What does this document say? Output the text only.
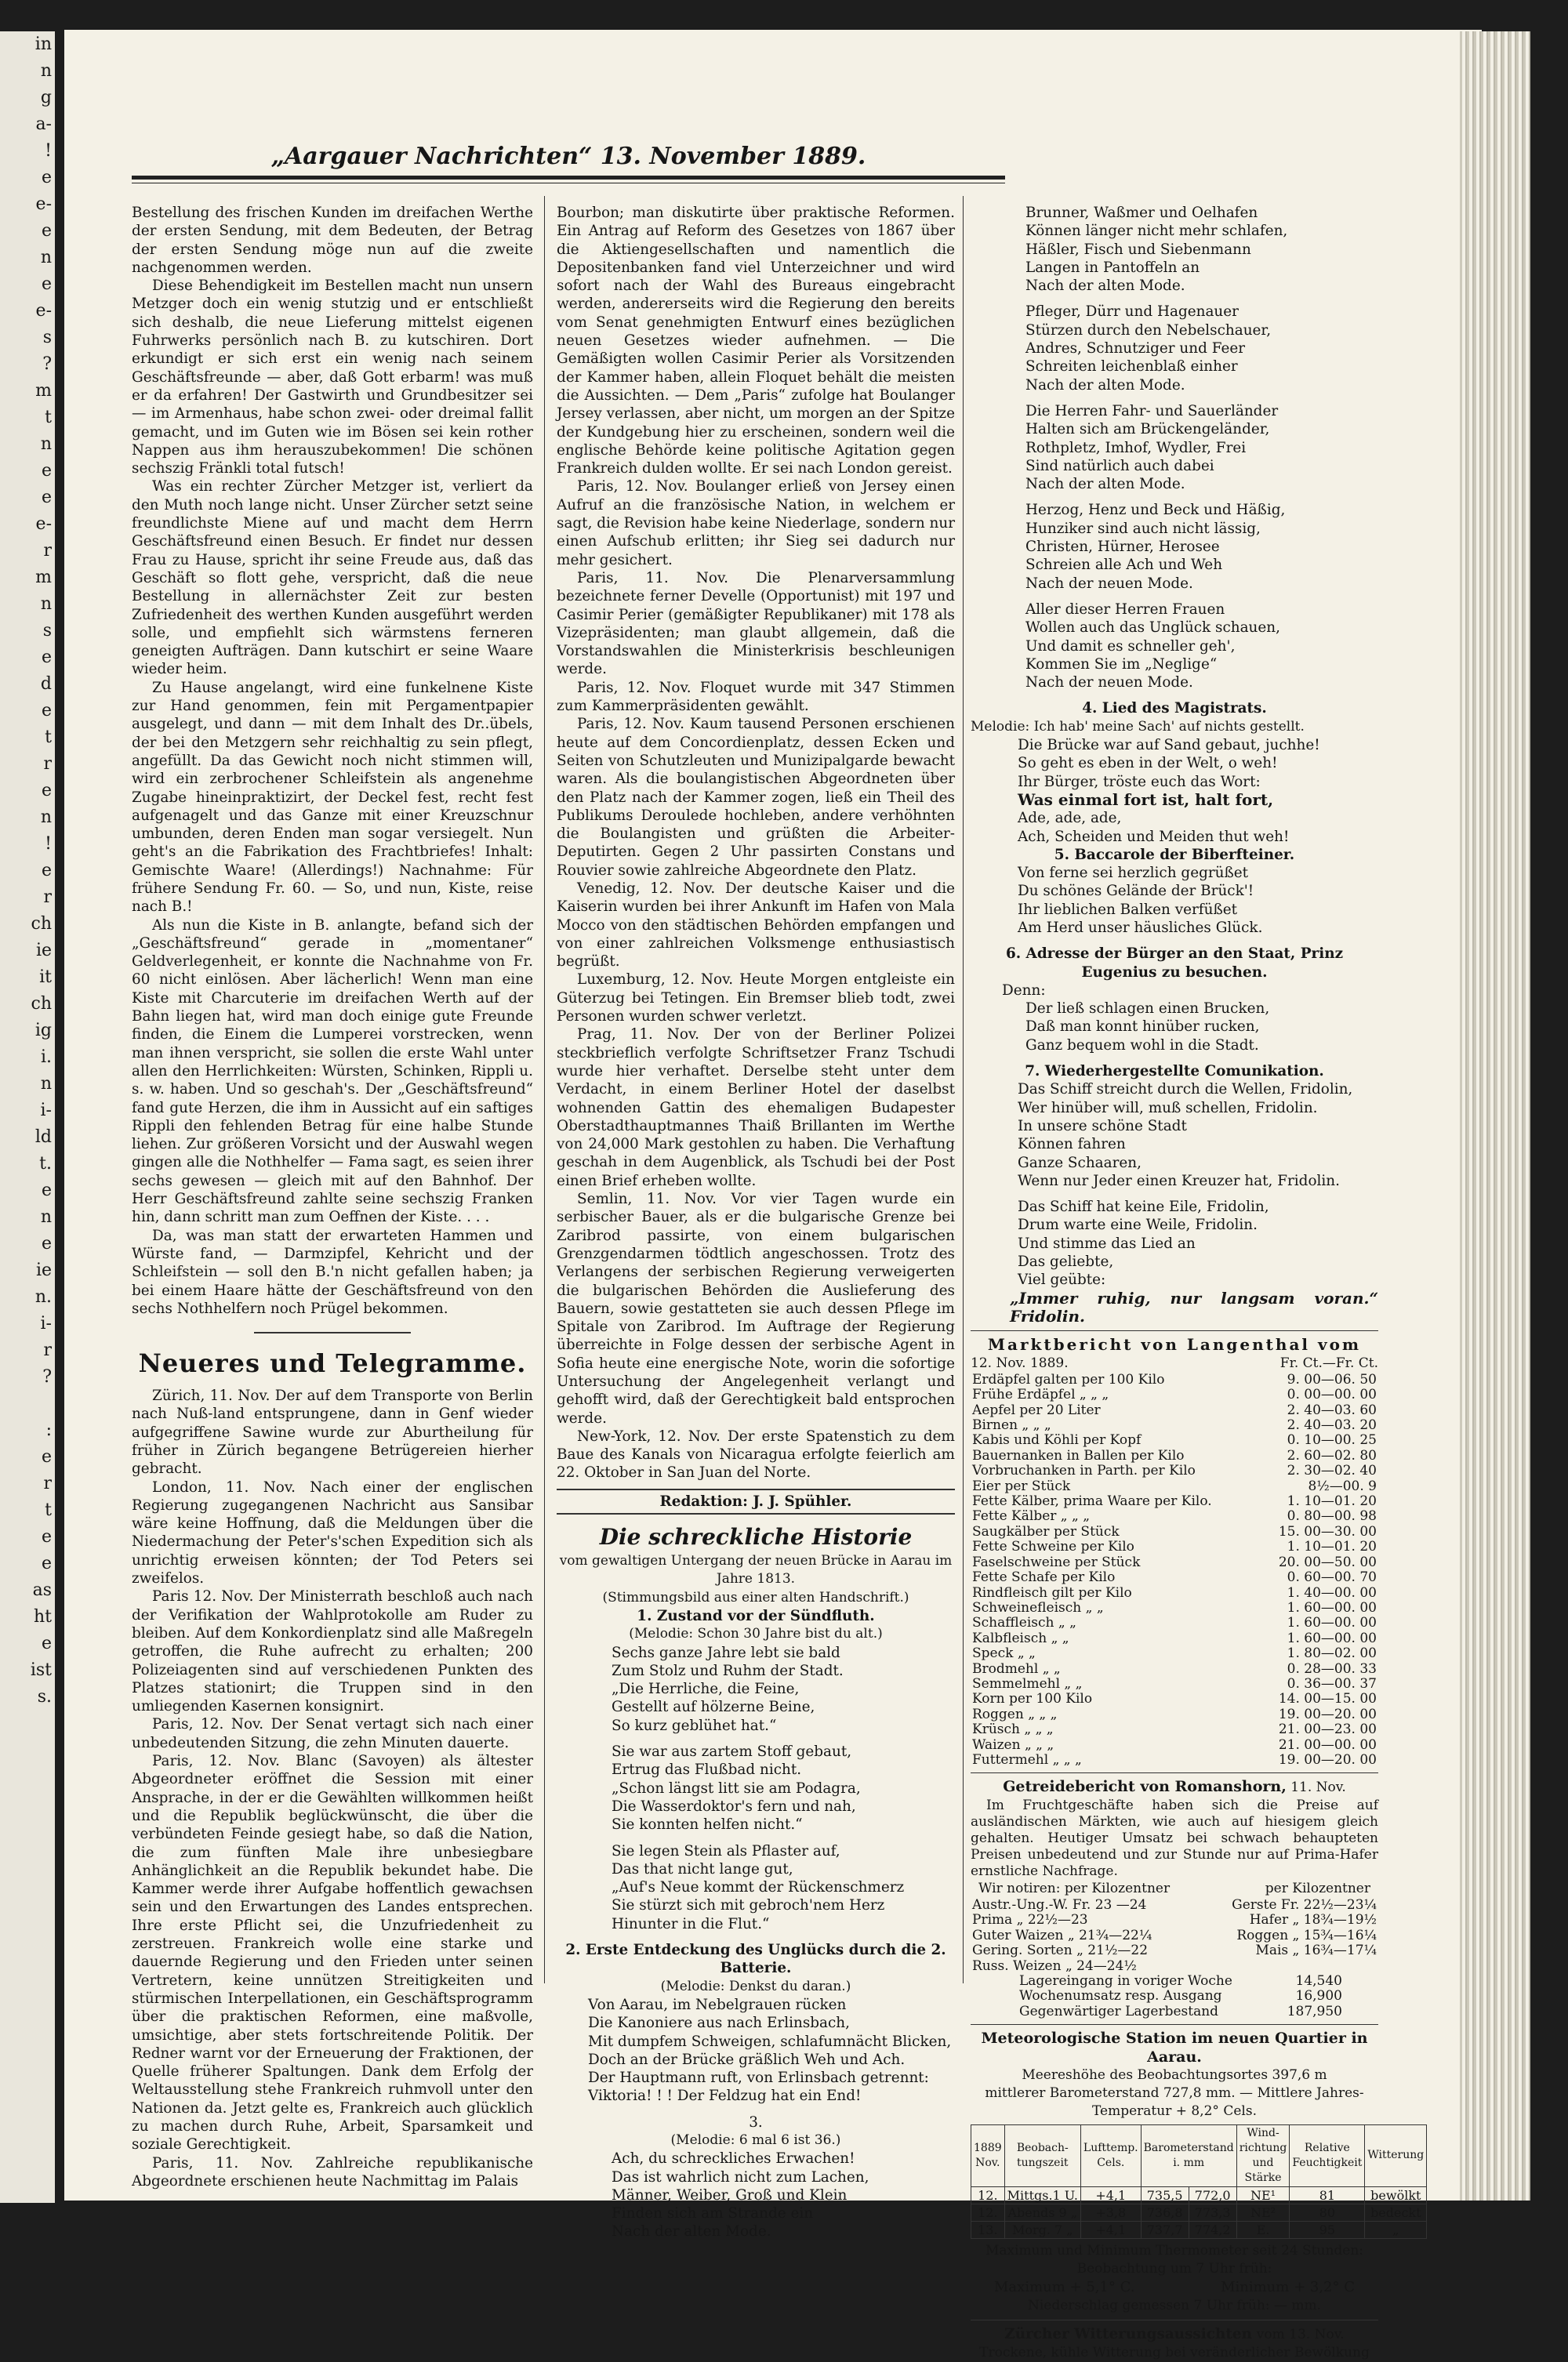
in
n
g
a-
!
e
e-
e
n
e
e-
s
?
m
t
n
e
e
e-
r
m
n
s
e
d
e
t
r
e
n
!
e
r
ch
ie
it
ch
ig
i.
n
i-
ld
t.
e
n
e
ie
n.
i-
r
?

:
e
r
t
e
e
as
ht
e
ist
s.

„Aargauer Nachrichten“ 13. November 1889.

Bestellung des frischen Kunden im dreifachen Werthe der ersten Sendung, mit dem Bedeuten, der Betrag der ersten Sendung möge nun auf die zweite nachgenommen werden.

Diese Behendigkeit im Bestellen macht nun unsern Metzger doch ein wenig stutzig und er entschließt sich deshalb, die neue Lieferung mittelst eigenen Fuhrwerks persönlich nach B. zu kutschiren. Dort erkundigt er sich erst ein wenig nach seinem Geschäftsfreunde — aber, daß Gott erbarm! was muß er da erfahren! Der Gastwirth und Grundbesitzer sei — im Armenhaus, habe schon zwei- oder dreimal fallit gemacht, und im Guten wie im Bösen sei kein rother Nappen aus ihm herauszubekommen! Die schönen sechszig Fränkli total futsch!

Was ein rechter Zürcher Metzger ist, verliert da den Muth noch lange nicht. Unser Zürcher setzt seine freundlichste Miene auf und macht dem Herrn Geschäftsfreund einen Besuch. Er findet nur dessen Frau zu Hause, spricht ihr seine Freude aus, daß das Geschäft so flott gehe, verspricht, daß die neue Bestellung in allernächster Zeit zur besten Zufriedenheit des werthen Kunden ausgeführt werden solle, und empfiehlt sich wärmstens ferneren geneigten Aufträgen. Dann kutschirt er seine Waare wieder heim.

Zu Hause angelangt, wird eine funkelnene Kiste zur Hand genommen, fein mit Pergamentpapier ausgelegt, und dann — mit dem Inhalt des Dr..übels, der bei den Metzgern sehr reichhaltig zu sein pflegt, angefüllt. Da das Gewicht noch nicht stimmen will, wird ein zerbrochener Schleifstein als angenehme Zugabe hineinpraktizirt, der Deckel fest, recht fest aufgenagelt und das Ganze mit einer Kreuzschnur umbunden, deren Enden man sogar versiegelt. Nun geht's an die Fabrikation des Frachtbriefes! Inhalt: Gemischte Waare! (Allerdings!) Nachnahme: Für frühere Sendung Fr. 60. — So, und nun, Kiste, reise nach B.!

Als nun die Kiste in B. anlangte, befand sich der „Geschäftsfreund“ gerade in „momentaner“ Geldverlegenheit, er konnte die Nachnahme von Fr. 60 nicht einlösen. Aber lächerlich! Wenn man eine Kiste mit Charcuterie im dreifachen Werth auf der Bahn liegen hat, wird man doch einige gute Freunde finden, die Einem die Lumperei vorstrecken, wenn man ihnen verspricht, sie sollen die erste Wahl unter allen den Herrlichkeiten: Würsten, Schinken, Rippli u. s. w. haben. Und so geschah's. Der „Geschäftsfreund“ fand gute Herzen, die ihm in Aussicht auf ein saftiges Rippli den fehlenden Betrag für eine halbe Stunde liehen. Zur größeren Vorsicht und der Auswahl wegen gingen alle die Nothhelfer — Fama sagt, es seien ihrer sechs gewesen — gleich mit auf den Bahnhof. Der Herr Geschäftsfreund zahlte seine sechszig Franken hin, dann schritt man zum Oeffnen der Kiste. . . .

Da, was man statt der erwarteten Hammen und Würste fand, — Darmzipfel, Kehricht und der Schleifstein — soll den B.'n nicht gefallen haben; ja bei einem Haare hätte der Geschäftsfreund von den sechs Nothhelfern noch Prügel bekommen.

Neueres und Telegramme.

Zürich, 11. Nov. Der auf dem Transporte von Berlin nach Nuß-land entsprungene, dann in Genf wieder aufgegriffene Sawine wurde zur Aburtheilung für früher in Zürich begangene Betrügereien hierher gebracht.

London, 11. Nov. Nach einer der englischen Regierung zugegangenen Nachricht aus Sansibar wäre keine Hoffnung, daß die Meldungen über die Niedermachung der Peter's'schen Expedition sich als unrichtig erweisen könnten; der Tod Peters sei zweifelos.

Paris 12. Nov. Der Ministerrath beschloß auch nach der Verifikation der Wahlprotokolle am Ruder zu bleiben. Auf dem Konkordienplatz sind alle Maßregeln getroffen, die Ruhe aufrecht zu erhalten; 200 Polizeiagenten sind auf verschiedenen Punkten des Platzes stationirt; die Truppen sind in den umliegenden Kasernen konsignirt.

Paris, 12. Nov. Der Senat vertagt sich nach einer unbedeutenden Sitzung, die zehn Minuten dauerte.

Paris, 12. Nov. Blanc (Savoyen) als ältester Abgeordneter eröffnet die Session mit einer Ansprache, in der er die Gewählten willkommen heißt und die Republik beglückwünscht, die über die verbündeten Feinde gesiegt habe, so daß die Nation, die zum fünften Male ihre unbesiegbare Anhänglichkeit an die Republik bekundet habe. Die Kammer werde ihrer Aufgabe hoffentlich gewachsen sein und den Erwartungen des Landes entsprechen. Ihre erste Pflicht sei, die Unzufriedenheit zu zerstreuen. Frankreich wolle eine starke und dauernde Regierung und den Frieden unter seinen Vertretern, keine unnützen Streitigkeiten und stürmischen Interpellationen, ein Geschäftsprogramm über die praktischen Reformen, eine maßvolle, umsichtige, aber stets fortschreitende Politik. Der Redner warnt vor der Erneuerung der Fraktionen, der Quelle früherer Spaltungen. Dank dem Erfolg der Weltausstellung stehe Frankreich ruhmvoll unter den Nationen da. Jetzt gelte es, Frankreich auch glücklich zu machen durch Ruhe, Arbeit, Sparsamkeit und soziale Gerechtigkeit.

Paris, 11. Nov. Zahlreiche republikanische Abgeordnete erschienen heute Nachmittag im Palais

Bourbon; man diskutirte über praktische Reformen. Ein Antrag auf Reform des Gesetzes von 1867 über die Aktiengesellschaften und namentlich die Depositenbanken fand viel Unterzeichner und wird sofort nach der Wahl des Bureaus eingebracht werden, andererseits wird die Regierung den bereits vom Senat genehmigten Entwurf eines bezüglichen neuen Gesetzes wieder aufnehmen. — Die Gemäßigten wollen Casimir Perier als Vorsitzenden der Kammer haben, allein Floquet behält die meisten die Aussichten. — Dem „Paris“ zufolge hat Boulanger Jersey verlassen, aber nicht, um morgen an der Spitze der Kundgebung hier zu erscheinen, sondern weil die englische Behörde keine politische Agitation gegen Frankreich dulden wollte. Er sei nach London gereist.

Paris, 12. Nov. Boulanger erließ von Jersey einen Aufruf an die französische Nation, in welchem er sagt, die Revision habe keine Niederlage, sondern nur einen Aufschub erlitten; ihr Sieg sei dadurch nur mehr gesichert.

Paris, 11. Nov. Die Plenarversammlung bezeichnete ferner Develle (Opportunist) mit 197 und Casimir Perier (gemäßigter Republikaner) mit 178 als Vizepräsidenten; man glaubt allgemein, daß die Vorstandswahlen die Ministerkrisis beschleunigen werde.

Paris, 12. Nov. Floquet wurde mit 347 Stimmen zum Kammerpräsidenten gewählt.

Paris, 12. Nov. Kaum tausend Personen erschienen heute auf dem Concordienplatz, dessen Ecken und Seiten von Schutzleuten und Munizipalgarde bewacht waren. Als die boulangistischen Abgeordneten über den Platz nach der Kammer zogen, ließ ein Theil des Publikums Deroulede hochleben, andere verhöhnten die Boulangisten und grüßten die Arbeiter-Deputirten. Gegen 2 Uhr passirten Constans und Rouvier sowie zahlreiche Abgeordnete den Platz.

Venedig, 12. Nov. Der deutsche Kaiser und die Kaiserin wurden bei ihrer Ankunft im Hafen von Mala Mocco von den städtischen Behörden empfangen und von einer zahlreichen Volksmenge enthusiastisch begrüßt.

Luxemburg, 12. Nov. Heute Morgen entgleiste ein Güterzug bei Tetingen. Ein Bremser blieb todt, zwei Personen wurden schwer verletzt.

Prag, 11. Nov. Der von der Berliner Polizei steckbrieflich verfolgte Schriftsetzer Franz Tschudi wurde hier verhaftet. Derselbe steht unter dem Verdacht, in einem Berliner Hotel der daselbst wohnenden Gattin des ehemaligen Budapester Oberstadthauptmannes Thaiß Brillanten im Werthe von 24,000 Mark gestohlen zu haben. Die Verhaftung geschah in dem Augenblick, als Tschudi bei der Post einen Brief erheben wollte.

Semlin, 11. Nov. Vor vier Tagen wurde ein serbischer Bauer, als er die bulgarische Grenze bei Zaribrod passirte, von einem bulgarischen Grenzgendarmen tödtlich angeschossen. Trotz des Verlangens der serbischen Regierung verweigerten die bulgarischen Behörden die Auslieferung des Bauern, sowie gestatteten sie auch dessen Pflege im Spitale von Zaribrod. Im Auftrage der Regierung überreichte in Folge dessen der serbische Agent in Sofia heute eine energische Note, worin die sofortige Untersuchung der Angelegenheit verlangt und gehofft wird, daß der Gerechtigkeit bald entsprochen werde.

New-York, 12. Nov. Der erste Spatenstich zu dem Baue des Kanals von Nicaragua erfolgte feierlich am 22. Oktober in San Juan del Norte.

Redaktion: J. J. Spühler.
Die schreckliche Historie
vom gewaltigen Untergang der neuen Brücke in Aarau im Jahre 1813.
(Stimmungsbild aus einer alten Handschrift.)
1. Zustand vor der Sündfluth.
(Melodie: Schon 30 Jahre bist du alt.)
Sechs ganze Jahre lebt sie bald
Zum Stolz und Ruhm der Stadt.
„Die Herrliche, die Feine,
Gestellt auf hölzerne Beine,
So kurz geblühet hat.“
Sie war aus zartem Stoff gebaut,
Ertrug das Flußbad nicht.
„Schon längst litt sie am Podagra,
Die Wasserdoktor's fern und nah,
Sie konnten helfen nicht.“
Sie legen Stein als Pflaster auf,
Das that nicht lange gut,
„Auf's Neue kommt der Rückenschmerz
Sie stürzt sich mit gebroch'nem Herz
Hinunter in die Flut.“
2. Erste Entdeckung des Unglücks durch die 2. Batterie.
(Melodie: Denkst du daran.)
Von Aarau, im Nebelgrauen rücken
Die Kanoniere aus nach Erlinsbach,
Mit dumpfem Schweigen, schlafumnächt Blicken,
Doch an der Brücke gräßlich Weh und Ach.
Der Hauptmann ruft, von Erlinsbach getrennt:
Viktoria! ! ! Der Feldzug hat ein End!
3.
(Melodie: 6 mal 6 ist 36.)
Ach, du schreckliches Erwachen!
Das ist wahrlich nicht zum Lachen,
Männer, Weiber, Groß und Klein
Finden sich am Strande ein
Nach der alten Mode.
Brunner, Waßmer und Oelhafen
Können länger nicht mehr schlafen,
Häßler, Fisch und Siebenmann
Langen in Pantoffeln an
Nach der alten Mode.
Pfleger, Dürr und Hagenauer
Stürzen durch den Nebelschauer,
Andres, Schnutziger und Feer
Schreiten leichenblaß einher
Nach der alten Mode.
Die Herren Fahr- und Sauerländer
Halten sich am Brückengeländer,
Rothpletz, Imhof, Wydler, Frei
Sind natürlich auch dabei
Nach der alten Mode.
Herzog, Henz und Beck und Häßig,
Hunziker sind auch nicht lässig,
Christen, Hürner, Herosee
Schreien alle Ach und Weh
Nach der neuen Mode.
Aller dieser Herren Frauen
Wollen auch das Unglück schauen,
Und damit es schneller geh',
Kommen Sie im „Neglige“
Nach der neuen Mode.
4. Lied des Magistrats.
Melodie: Ich hab' meine Sach' auf nichts gestellt.
Die Brücke war auf Sand gebaut, juchhe!
So geht es eben in der Welt, o weh!
Ihr Bürger, tröste euch das Wort:
Was einmal fort ist, halt fort,
Ade, ade, ade,
Ach, Scheiden und Meiden thut weh!
5. Baccarole der Biberfteiner.
Von ferne sei herzlich gegrüßet
Du schönes Gelände der Brück'!
Ihr lieblichen Balken verfüßet
Am Herd unser häusliches Glück.
6. Adresse der Bürger an den Staat, Prinz Eugenius zu besuchen.
Denn:
Der ließ schlagen einen Brucken,
Daß man konnt hinüber rucken,
Ganz bequem wohl in die Stadt.
7. Wiederhergestellte Comunikation.
Das Schiff streicht durch die Wellen, Fridolin,
Wer hinüber will, muß schellen, Fridolin.
In unsere schöne Stadt
Können fahren
Ganze Schaaren,
Wenn nur Jeder einen Kreuzer hat, Fridolin.
Das Schiff hat keine Eile, Fridolin,
Drum warte eine Weile, Fridolin.
Und stimme das Lied an
Das geliebte,
Viel geübte:
„Immer ruhig, nur langsam voran.“ Fridolin.
Marktbericht von Langenthal vom
12. Nov. 1889.	Fr. Ct.—Fr. Ct.
Erdäpfel galten per 100 Kilo	9. 00—06. 50
Frühe Erdäpfel „ „ „	0. 00—00. 00
Aepfel per 20 Liter	2. 40—03. 60
Birnen „ „ „	2. 40—03. 20
Kabis und Köhli per Kopf	0. 10—00. 25
Bauernanken in Ballen per Kilo	2. 60—02. 80
Vorbruchanken in Parth. per Kilo	2. 30—02. 40
Eier per Stück	8½—00. 9
Fette Kälber, prima Waare per Kilo.	1. 10—01. 20
Fette Kälber „ „ „	0. 80—00. 98
Saugkälber per Stück	15. 00—30. 00
Fette Schweine per Kilo	1. 10—01. 20
Faselschweine per Stück	20. 00—50. 00
Fette Schafe per Kilo	0. 60—00. 70
Rindfleisch gilt per Kilo	1. 40—00. 00
Schweinefleisch „ „	1. 60—00. 00
Schaffleisch „ „	1. 60—00. 00
Kalbfleisch „ „	1. 60—00. 00
Speck „ „	1. 80—02. 00
Brodmehl „ „	0. 28—00. 33
Semmelmehl „ „	0. 36—00. 37
Korn per 100 Kilo	14. 00—15. 00
Roggen „ „ „	19. 00—20. 00
Krüsch „ „ „	21. 00—23. 00
Waizen „ „ „	21. 00—00. 00
Futtermehl „ „ „	19. 00—20. 00
Getreidebericht von Romanshorn, 11. Nov.

Im Fruchtgeschäfte haben sich die Preise auf ausländischen Märkten, wie auch auf hiesigem gleich gehalten. Heutiger Umsatz bei schwach behaupteten Preisen unbedeutend und zur Stunde nur auf Prima-Hafer ernstliche Nachfrage.

Wir notiren: per Kilozentner	per Kilozentner
Austr.-Ung.-W. Fr. 23 —24	Gerste Fr. 22½—23¼
Prima „ 22½—23	Hafer „ 18¾—19½
Guter Waizen „ 21¾—22¼	Roggen „ 15¾—16¼
Gering. Sorten „ 21½—22	Mais „ 16¾—17¼
Russ. Weizen „ 24—24½	
Lagereingang in voriger Woche	14,540
Wochenumsatz resp. Ausgang	16,900
Gegenwärtiger Lagerbestand	187,950
Meteorologische Station im neuen Quartier in Aarau.
Meereshöhe des Beobachtungsortes 397,6 m
mittlerer Barometerstand 727,8 mm. — Mittlere Jahres-
Temperatur + 8,2° Cels.
1889 Nov.	Beobach-tungszeit	Lufttemp. Cels.	Barometerstand i. mm		Wind-richtung und Stärke	Relative Feuchtigkeit	Witterung
12.	Mittgs.1 U.	+4,1	735,5	772,0	NE¹	81	bewölkt
12.	Abends 9 „	+3,8	736,8	773,3	NE²	80	bedeckt
13.	Morg. 7 „	+4,1	737,7	774,2	E.	95	„
Maximum und Minimum Thermometer seit 24 Stunden:
Beobachtung um 7 Uhr früh:
Maximum + 5,1° C.	Minimum + 3,2° C
Niederschlag gemessen 7 Uhr früh: — mm.
Zürcher Witterungsaussichten vom 13. Nov.
Trockene, kühle Witterung bei veränderlicher Bewölkung
